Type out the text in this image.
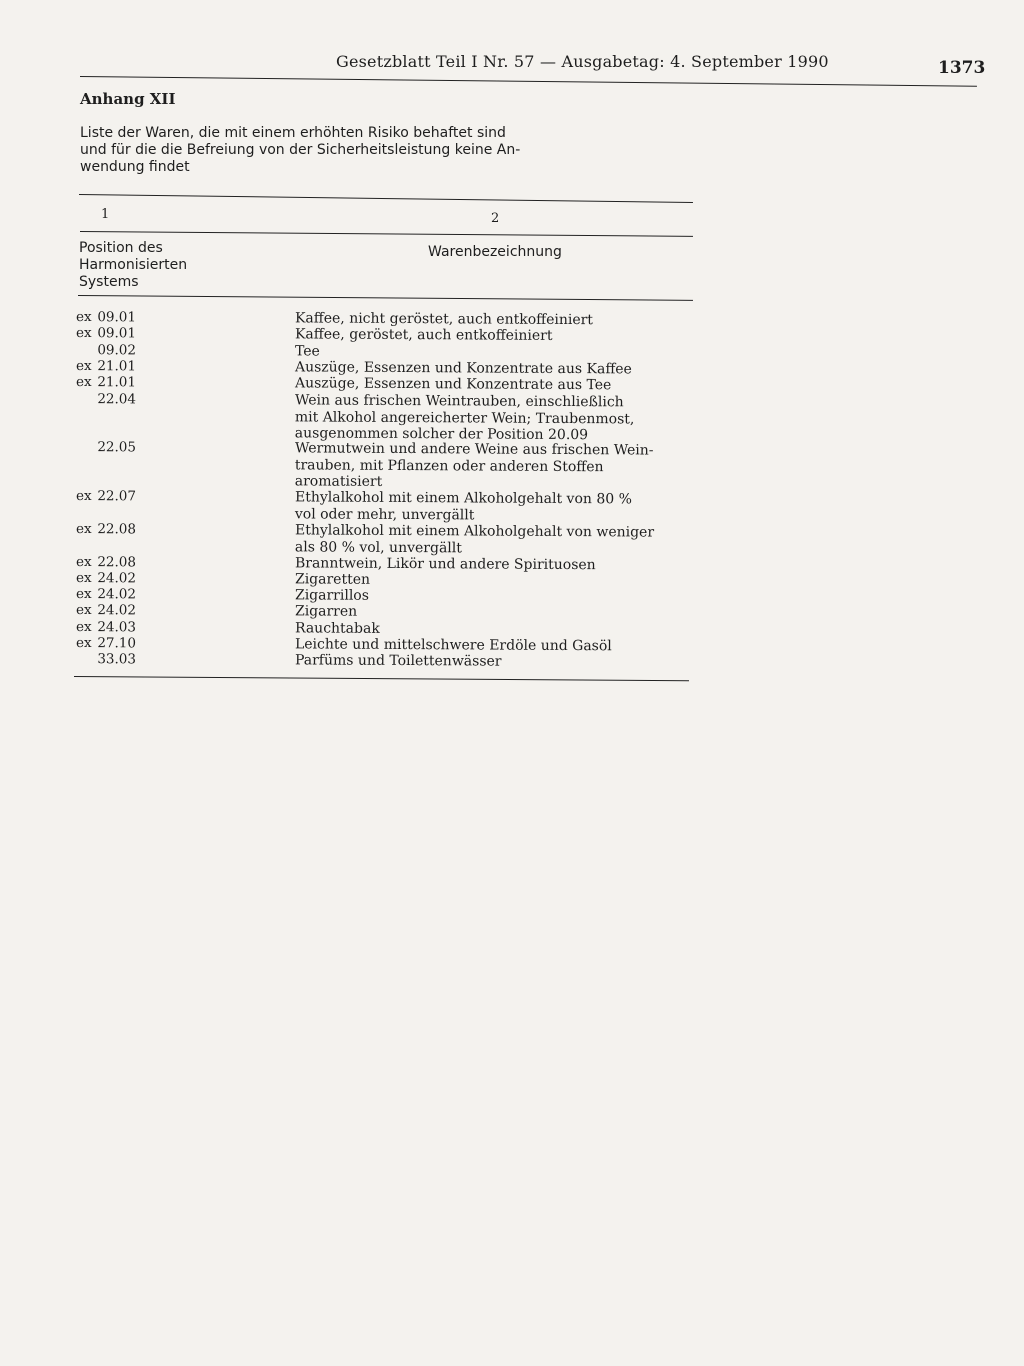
Gesetzblatt Teil I Nr. 57 — Ausgabetag: 4. September 1990	1373
Anhang XII
Liste der Waren, die mit einem erhöhten Risiko behaftet sind
und für die die Befreiung von der Sicherheitsleistung keine An-
wendung findet
1	2
Position des
Harmonisierten
Systems
Warenbezeichnung
ex 09.01	Kaffee, nicht geröstet, auch entkoffeiniert
ex 09.01	Kaffee, geröstet, auch entkoffeiniert
09.02	Tee
ex 21.01	Auszüge, Essenzen und Konzentrate aus Kaffee
ex 21.01	Auszüge, Essenzen und Konzentrate aus Tee
22.04	Wein aus frischen Weintrauben, einschließlich
mit Alkohol angereicherter Wein; Traubenmost,
ausgenommen solcher der Position 20.09
22.05	Wermutwein und andere Weine aus frischen Wein-
trauben, mit Pflanzen oder anderen Stoffen
aromatisiert
ex 22.07	Ethylalkohol mit einem Alkoholgehalt von 80 %
vol oder mehr, unvergällt
ex 22.08	Ethylalkohol mit einem Alkoholgehalt von weniger
als 80 % vol, unvergällt
ex 22.08	Branntwein, Likör und andere Spirituosen
ex 24.02	Zigaretten
ex 24.02	Zigarrillos
ex 24.02	Zigarren
ex 24.03	Rauchtabak
ex 27.10	Leichte und mittelschwere Erdöle und Gasöl
33.03	Parfüms und Toilettenwässer
